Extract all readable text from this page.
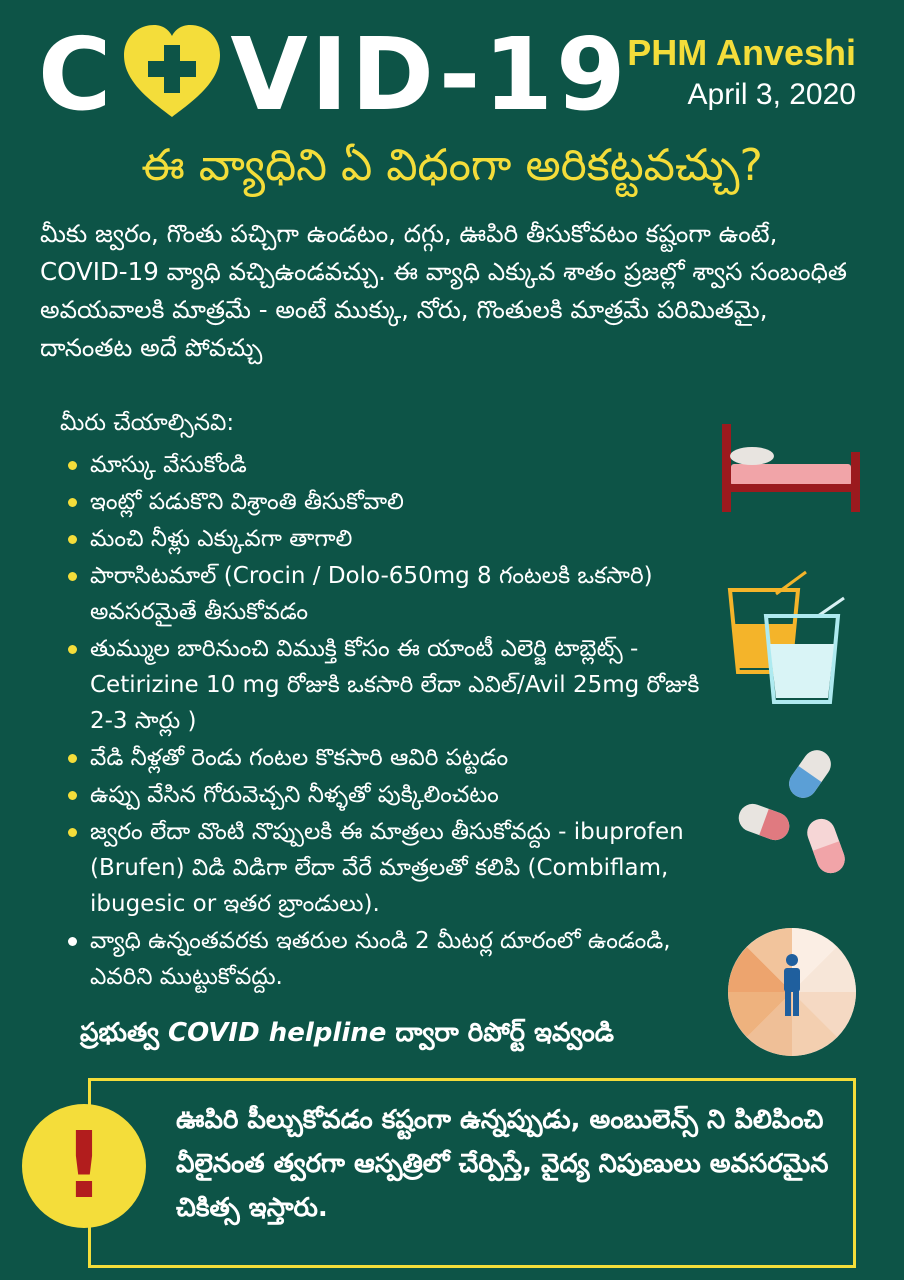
C VID-19
PHM Anveshi
April 3, 2020
ఈ వ్యాధిని ఏ విధంగా అరికట్టవచ్చు?
మీకు జ్వరం, గొంతు పచ్చిగా ఉండటం, దగ్గు, ఊపిరి తీసుకోవటం కష్టంగా ఉంటే, COVID-19 వ్యాధి వచ్చిఉండవచ్చు. ఈ వ్యాధి ఎక్కువ శాతం ప్రజల్లో శ్వాస సంబంధిత అవయవాలకి మాత్రమే - అంటే ముక్కు, నోరు, గొంతులకి మాత్రమే పరిమితమై, దానంతట అదే పోవచ్చు
మీరు చేయాల్సినవి:
మాస్కు వేసుకోండి
ఇంట్లో పడుకొని విశ్రాంతి తీసుకోవాలి
మంచి నీళ్లు ఎక్కువగా తాగాలి
పారాసిటమాల్ (Crocin / Dolo-650mg 8 గంటలకి ఒకసారి) అవసరమైతే తీసుకోవడం
తుమ్ముల బారినుంచి విముక్తి కోసం ఈ యాంటీ ఎలెర్జి టాబ్లెట్స్ - Cetirizine 10 mg రోజుకి ఒకసారి లేదా ఎవిల్/Avil 25mg రోజుకి 2-3 సార్లు )
వేడి నీళ్లతో రెండు గంటల కొకసారి ఆవిరి పట్టడం
ఉప్పు వేసిన గోరువెచ్చని నీళ్ళతో పుక్కిలించటం
జ్వరం లేదా వొంటి నొప్పులకి ఈ మాత్రలు తీసుకోవద్దు - ibuprofen (Brufen) విడి విడిగా లేదా వేరే మాత్రలతో కలిపి (Combiflam, ibugesic or ఇతర బ్రాండులు).
వ్యాధి ఉన్నంతవరకు ఇతరుల నుండి 2 మీటర్ల దూరంలో ఉండండి, ఎవరిని ముట్టుకోవద్దు.
ప్రభుత్వ COVID helpline ద్వారా రిపోర్ట్ ఇవ్వండి
!	ఊపిరి పీల్చుకోవడం కష్టంగా ఉన్నప్పుడు, అంబులెన్స్ ని పిలిపించి వీలైనంత త్వరగా ఆస్పత్రిలో చేర్పిస్తే, వైద్య నిపుణులు అవసరమైన చికిత్స ఇస్తారు.
